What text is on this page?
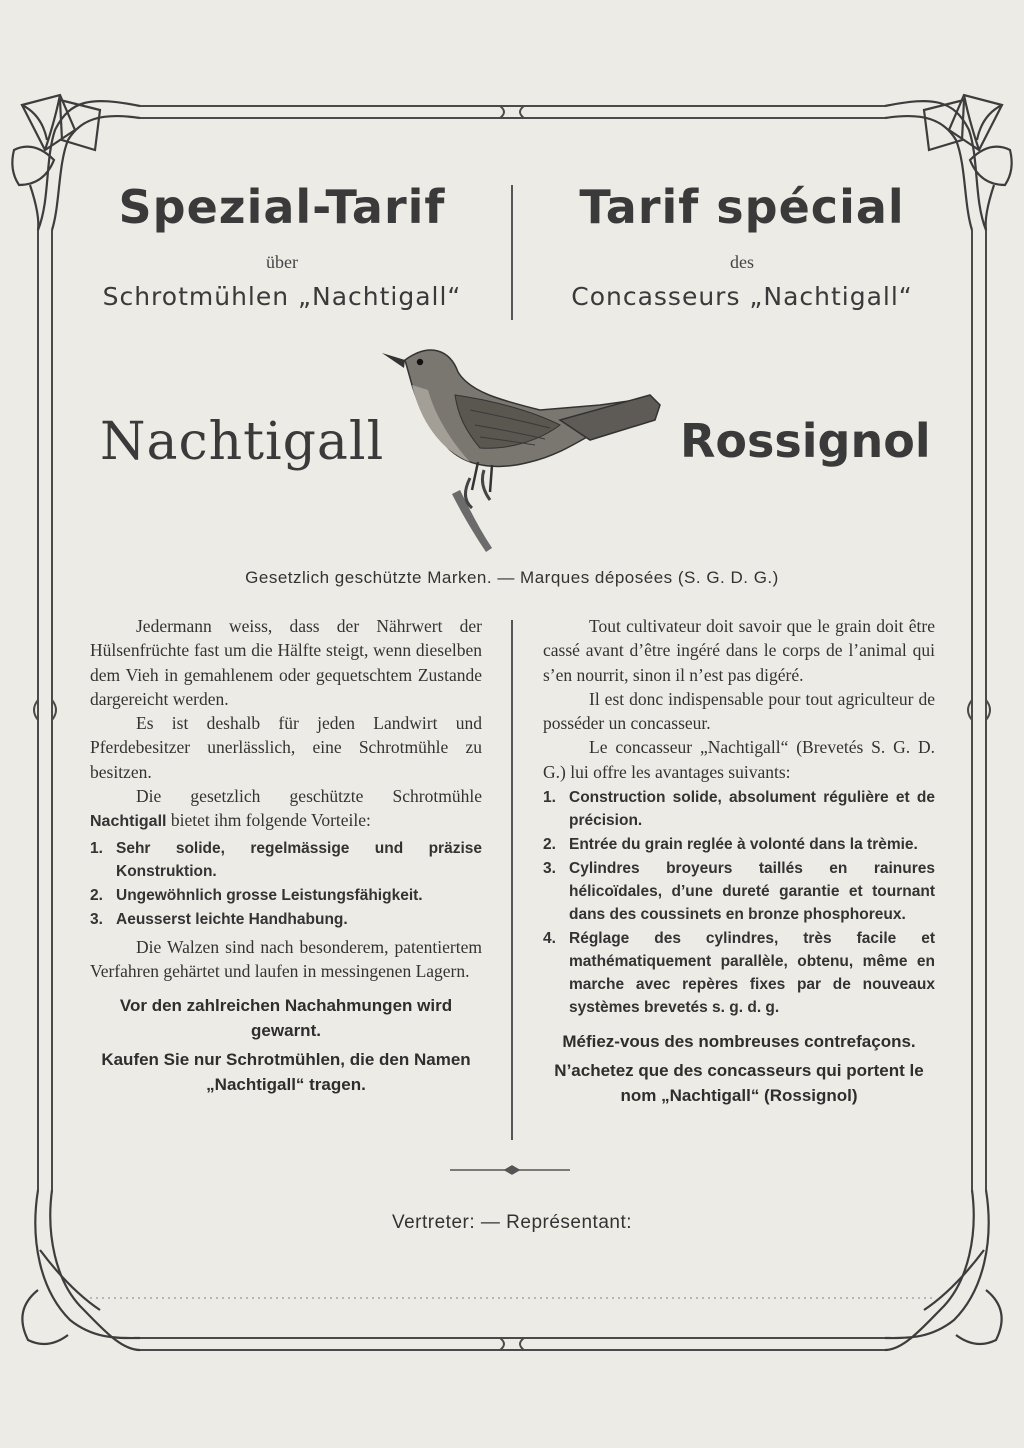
Spezial-Tarif	Tarif spécial
über	des
Schrotmühlen „Nachtigall“	Concasseurs „Nachtigall“
Nachtigall	Rossignol
Gesetzlich geschützte Marken. — Marques déposées (S. G. D. G.)

Jedermann weiss, dass der Nährwert der Hülsenfrüchte fast um die Hälfte steigt, wenn dieselben dem Vieh in gemahlenem oder gequetschtem Zustande dargereicht werden.

Es ist deshalb für jeden Landwirt und Pferdebesitzer unerlässlich, eine Schrotmühle zu besitzen.

Die gesetzlich geschützte Schrotmühle Nachtigall bietet ihm folgende Vorteile:

1. Sehr solide, regelmässige und präzise Konstruktion.
2. Ungewöhnlich grosse Leistungsfähigkeit.
3. Aeusserst leichte Handhabung.

Die Walzen sind nach besonderem, patentiertem Verfahren gehärtet und laufen in messingenen Lagern.

Vor den zahlreichen Nachahmungen wird gewarnt.
Kaufen Sie nur Schrotmühlen, die den Namen „Nachtigall“ tragen.

Tout cultivateur doit savoir que le grain doit être cassé avant d’être ingéré dans le corps de l’animal qui s’en nourrit, sinon il n’est pas digéré.

Il est donc indispensable pour tout agriculteur de posséder un concasseur.

Le concasseur „Nachtigall“ (Brevetés S. G. D. G.) lui offre les avantages suivants:

1. Construction solide, absolument régulière et de précision.
2. Entrée du grain reglée à volonté dans la trèmie.
3. Cylindres broyeurs taillés en rainures hélicoïdales, d’une dureté garantie et tournant dans des coussinets en bronze phosphoreux.
4. Réglage des cylindres, très facile et mathématiquement parallèle, obtenu, même en marche avec repères fixes par de nouveaux systèmes brevetés s. g. d. g.
Méfiez-vous des nombreuses contrefaçons.
N’achetez que des concasseurs qui portent le nom „Nachtigall“ (Rossignol)
Vertreter: — Représentant:
